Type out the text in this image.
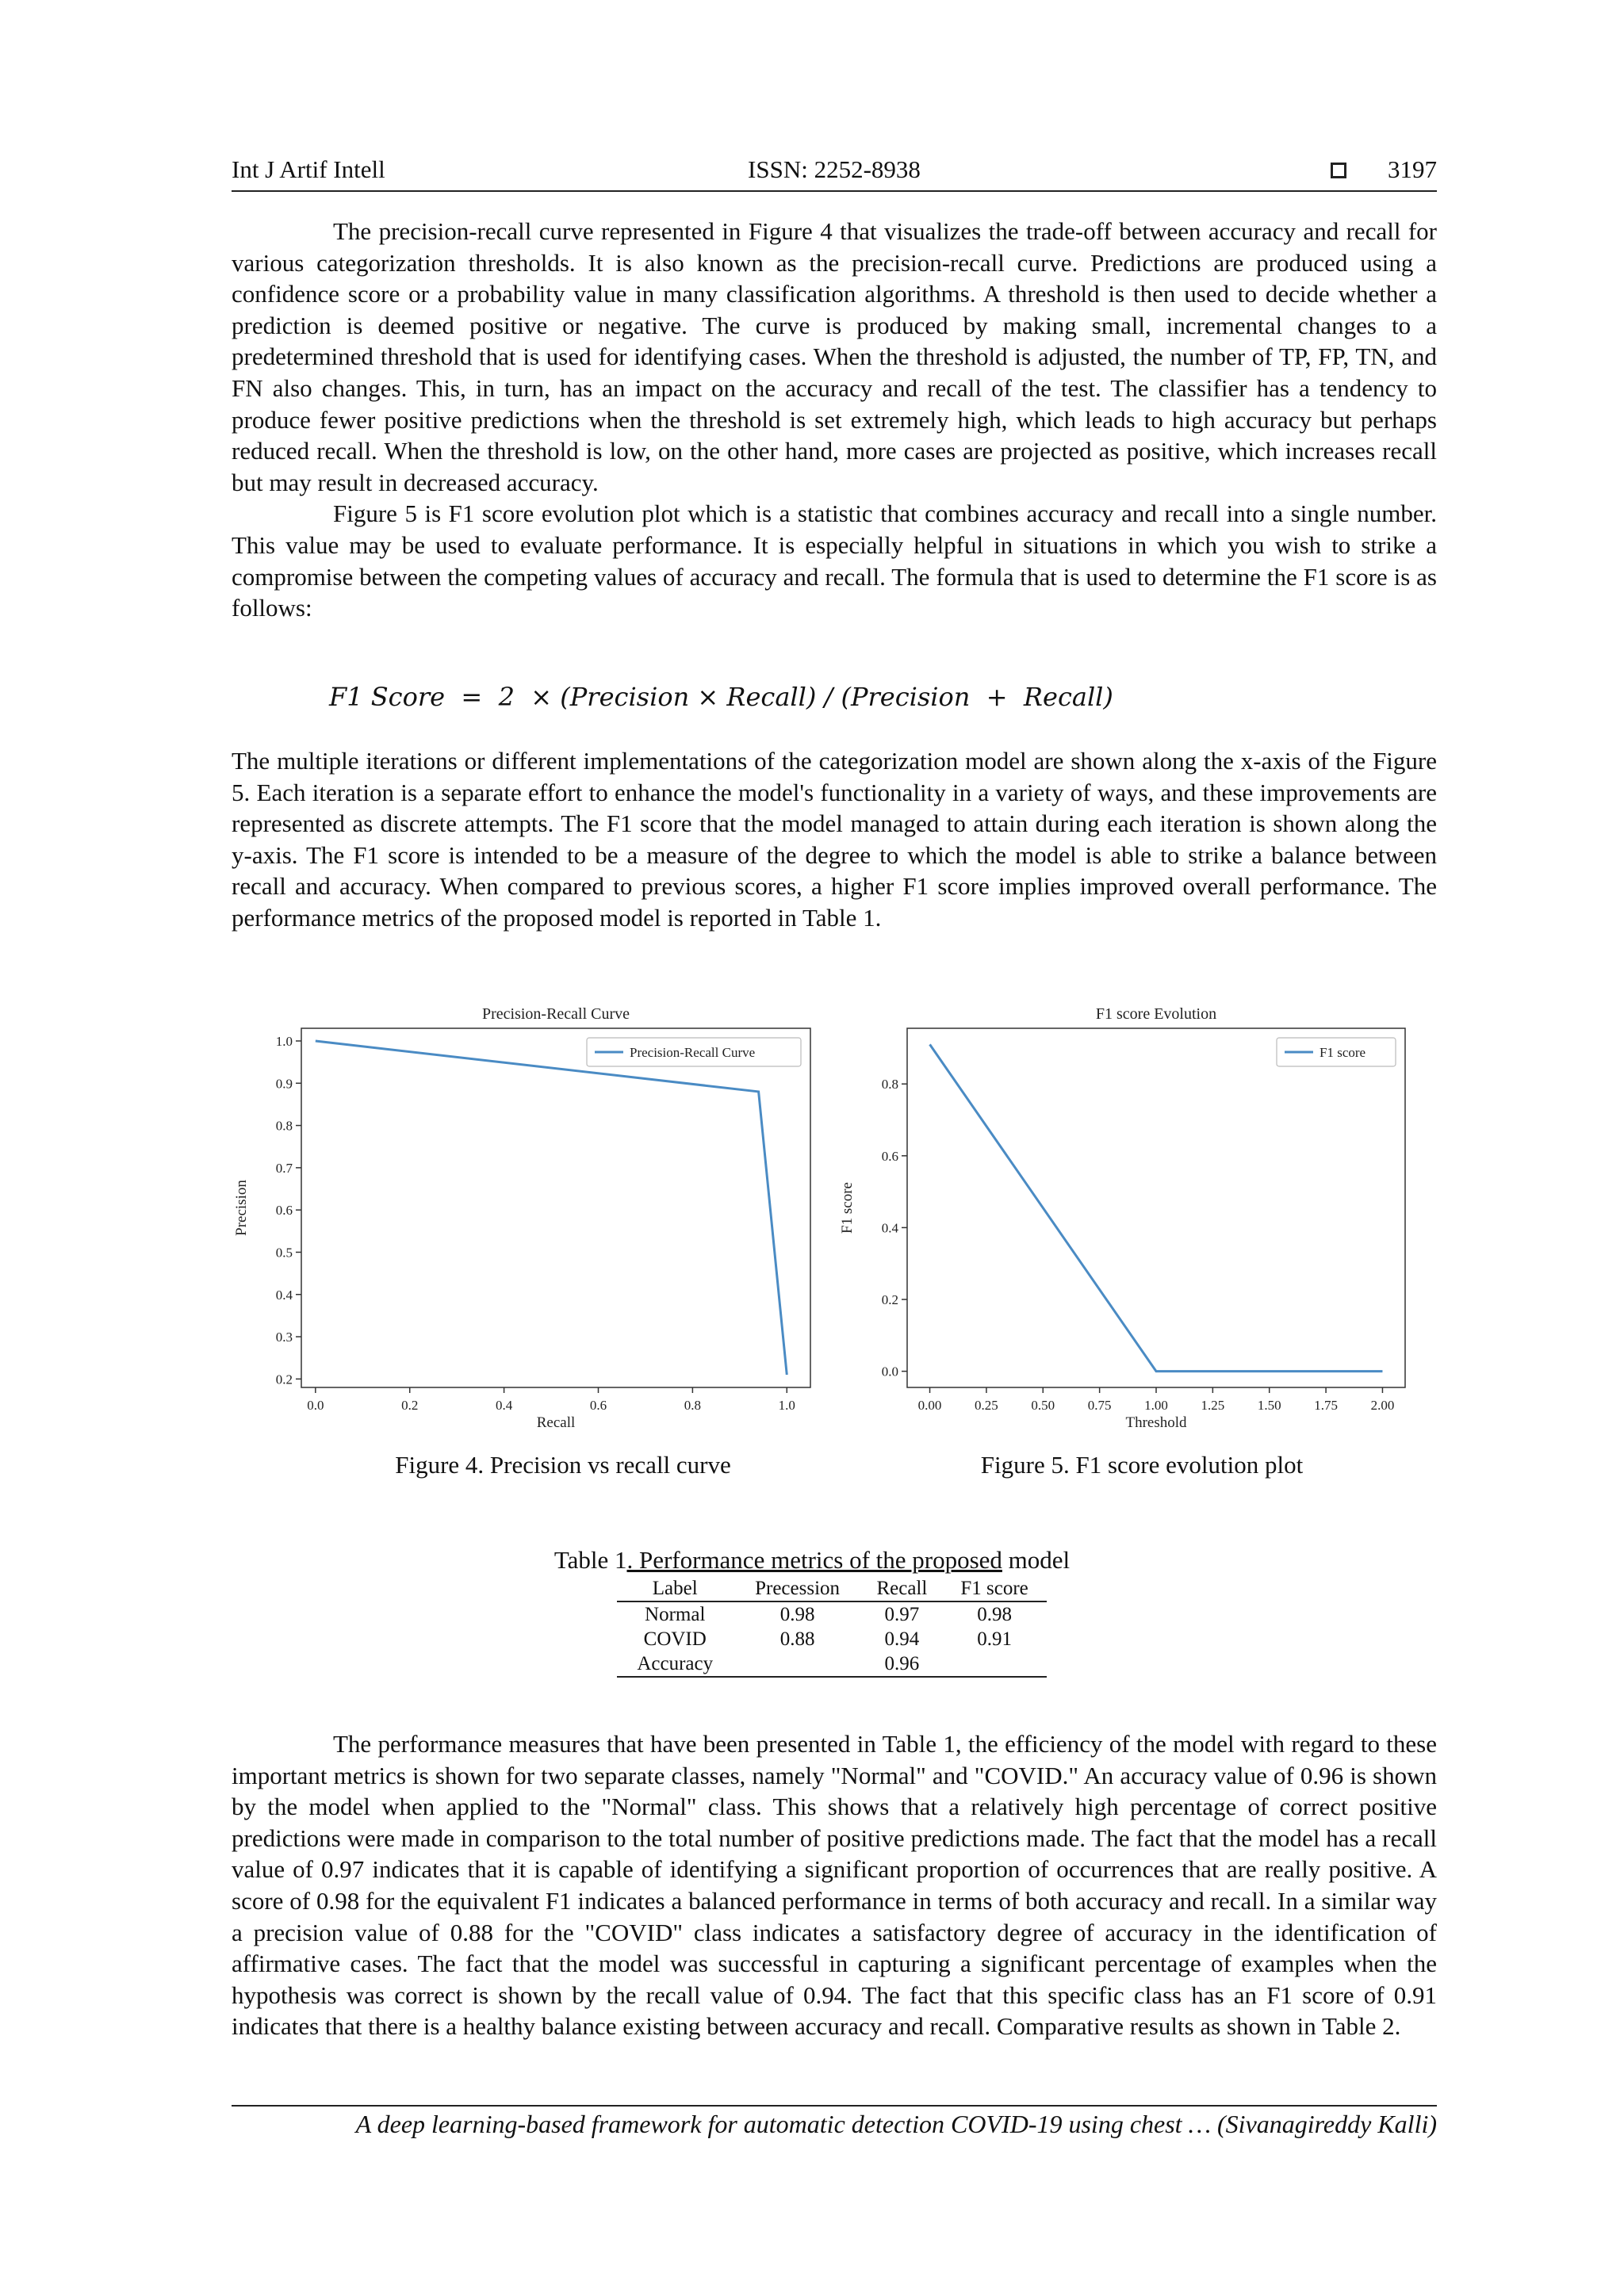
Int J Artif Intell	ISSN: 2252-8938	3197

The precision-recall curve represented in Figure 4 that visualizes the trade-off between accuracy and recall for various categorization thresholds. It is also known as the precision-recall curve. Predictions are produced using a confidence score or a probability value in many classification algorithms. A threshold is then used to decide whether a prediction is deemed positive or negative. The curve is produced by making small, incremental changes to a predetermined threshold that is used for identifying cases. When the threshold is adjusted, the number of TP, FP, TN, and FN also changes. This, in turn, has an impact on the accuracy and recall of the test. The classifier has a tendency to produce fewer positive predictions when the threshold is set extremely high, which leads to high accuracy but perhaps reduced recall. When the threshold is low, on the other hand, more cases are projected as positive, which increases recall but may result in decreased accuracy.

Figure 5 is F1 score evolution plot which is a statistic that combines accuracy and recall into a single number. This value may be used to evaluate performance. It is especially helpful in situations in which you wish to strike a compromise between the competing values of accuracy and recall. The formula that is used to determine the F1 score is as follows:

F1 Score  =  2  × (Precision × Recall) / (Precision  +  Recall)

The multiple iterations or different implementations of the categorization model are shown along the x-axis of the Figure 5. Each iteration is a separate effort to enhance the model's functionality in a variety of ways, and these improvements are represented as discrete attempts. The F1 score that the model managed to attain during each iteration is shown along the y-axis. The F1 score is intended to be a measure of the degree to which the model is able to strike a balance between recall and accuracy. When compared to previous scores, a higher F1 score implies improved overall performance. The performance metrics of the proposed model is reported in Table 1.

Precision-Recall Curve
0.0	0.2	0.4	0.6	0.8	1.0
0.2
0.3
0.4
0.5
0.6
0.7
0.8
0.9
1.0
Recall
Precision
Precision-Recall Curve
F1 score Evolution
0.00 0.25 0.50 0.75 1.00 1.25 1.50 1.75 2.00
0.0
0.2
0.4
0.6
0.8
Threshold
F1 score
F1 score
Figure 4. Precision vs recall curve	Figure 5. F1 score evolution plot
Table 1. Performance metrics of the proposed model
Label	Precession	Recall	F1 score
Normal	0.98	0.97	0.98
COVID	0.88	0.94	0.91
Accuracy		0.96	

The performance measures that have been presented in Table 1, the efficiency of the model with regard to these important metrics is shown for two separate classes, namely "Normal" and "COVID." An accuracy value of 0.96 is shown by the model when applied to the "Normal" class. This shows that a relatively high percentage of correct positive predictions were made in comparison to the total number of positive predictions made. The fact that the model has a recall value of 0.97 indicates that it is capable of identifying a significant proportion of occurrences that are really positive. A score of 0.98 for the equivalent F1 indicates a balanced performance in terms of both accuracy and recall. In a similar way a precision value of 0.88 for the "COVID" class indicates a satisfactory degree of accuracy in the identification of affirmative cases. The fact that the model was successful in capturing a significant percentage of examples when the hypothesis was correct is shown by the recall value of 0.94. The fact that this specific class has an F1 score of 0.91 indicates that there is a healthy balance existing between accuracy and recall. Comparative results as shown in Table 2.

A deep learning-based framework for automatic detection COVID-19 using chest … (Sivanagireddy Kalli)
